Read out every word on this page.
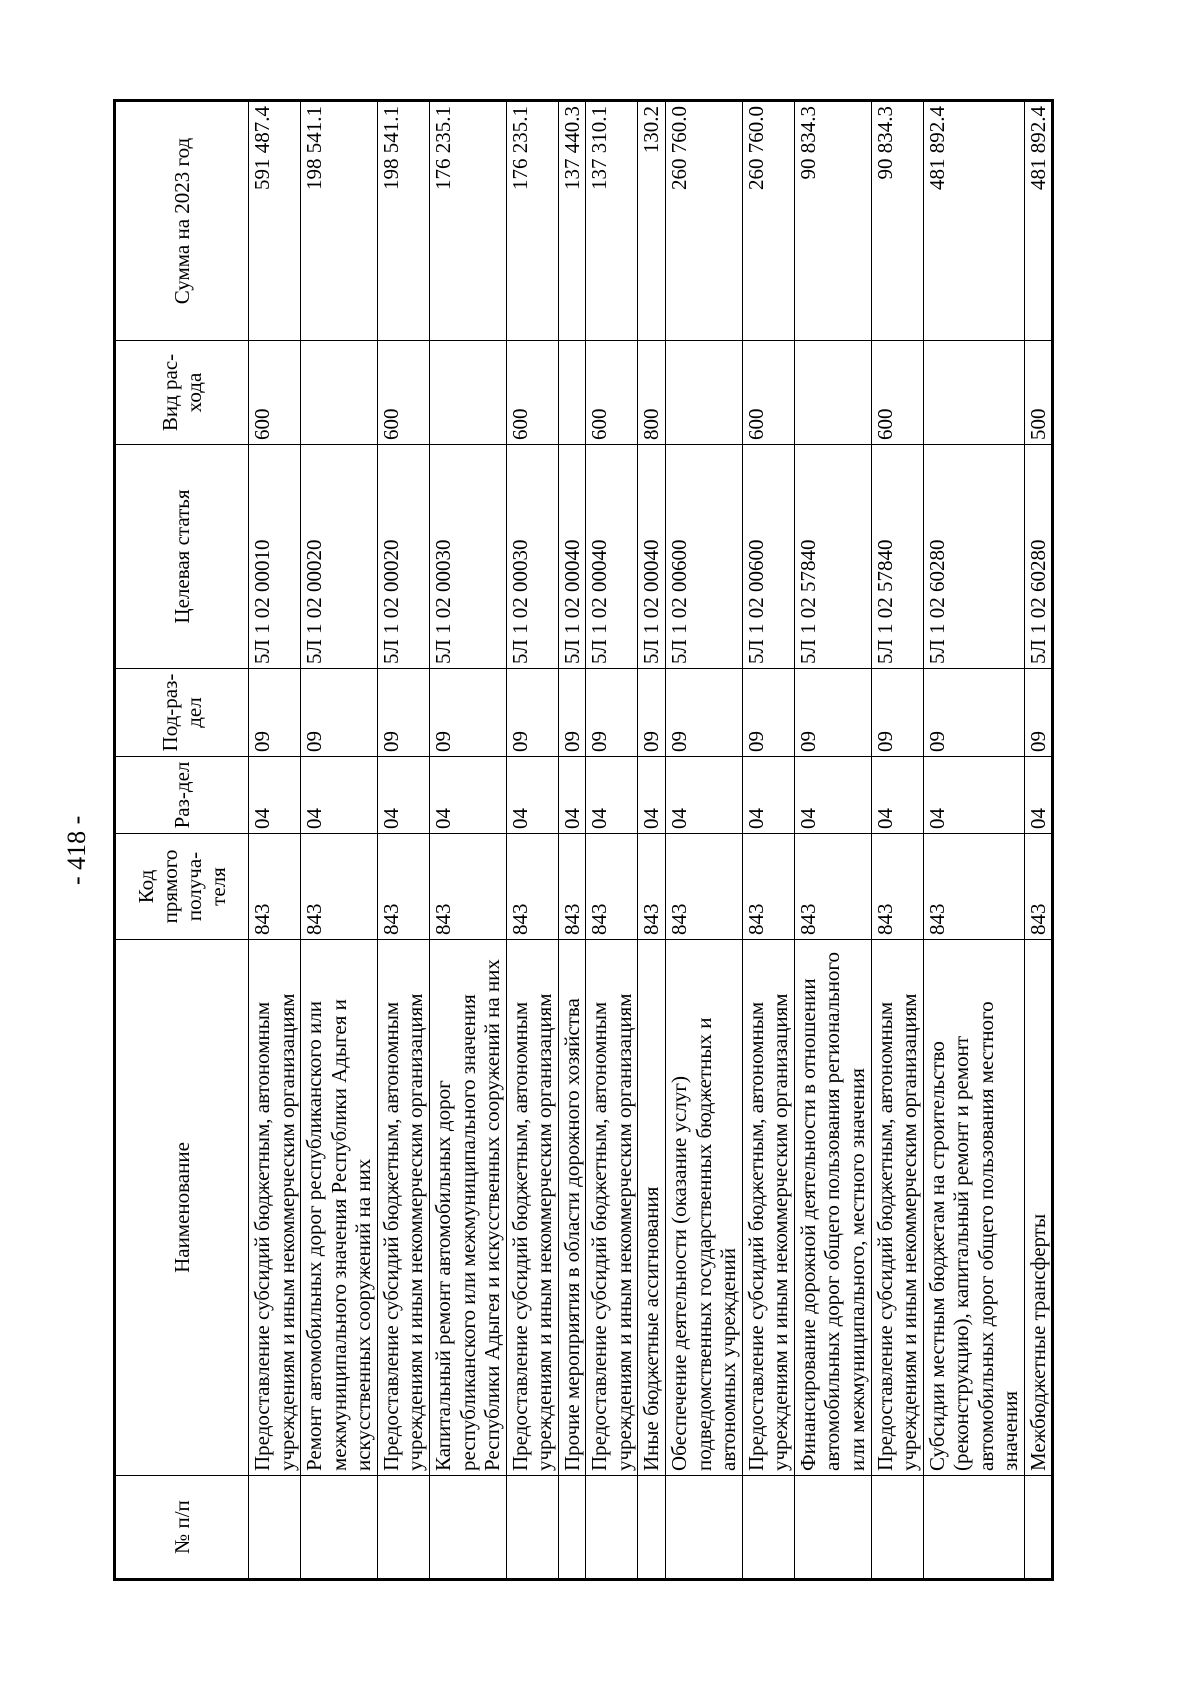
- 418 -
№ п/п	Наименование	Код прямого получа-теля	Раз-дел	Под-раз-дел	Целевая статья	Вид рас-хода	Сумма на 2023 год
	Предоставление субсидий бюджетным, автономным учреждениям и иным некоммерческим организациям	843	04	09	5Л 1 02 00010	600	591 487.4
	Ремонт автомобильных дорог республиканского или межмуниципального значения Республики Адыгея и искусственных сооружений на них	843	04	09	5Л 1 02 00020		198 541.1
	Предоставление субсидий бюджетным, автономным учреждениям и иным некоммерческим организациям	843	04	09	5Л 1 02 00020	600	198 541.1
	Капитальный ремонт автомобильных дорог республиканского или межмуниципального значения Республики Адыгея и искусственных сооружений на них	843	04	09	5Л 1 02 00030		176 235.1
	Предоставление субсидий бюджетным, автономным учреждениям и иным некоммерческим организациям	843	04	09	5Л 1 02 00030	600	176 235.1
	Прочие мероприятия в области дорожного хозяйства	843	04	09	5Л 1 02 00040		137 440.3
	Предоставление субсидий бюджетным, автономным учреждениям и иным некоммерческим организациям	843	04	09	5Л 1 02 00040	600	137 310.1
	Иные бюджетные ассигнования	843	04	09	5Л 1 02 00040	800	130.2
	Обеспечение деятельности (оказание услуг) подведомственных государственных бюджетных и автономных учреждений	843	04	09	5Л 1 02 00600		260 760.0
	Предоставление субсидий бюджетным, автономным учреждениям и иным некоммерческим организациям	843	04	09	5Л 1 02 00600	600	260 760.0
	Финансирование дорожной деятельности в отношении автомобильных дорог общего пользования регионального или межмуниципального, местного значения	843	04	09	5Л 1 02 57840		90 834.3
	Предоставление субсидий бюджетным, автономным учреждениям и иным некоммерческим организациям	843	04	09	5Л 1 02 57840	600	90 834.3
	Субсидии местным бюджетам на строительство (реконструкцию), капитальный ремонт и ремонт автомобильных дорог общего пользования местного значения	843	04	09	5Л 1 02 60280		481 892.4
	Межбюджетные трансферты	843	04	09	5Л 1 02 60280	500	481 892.4
